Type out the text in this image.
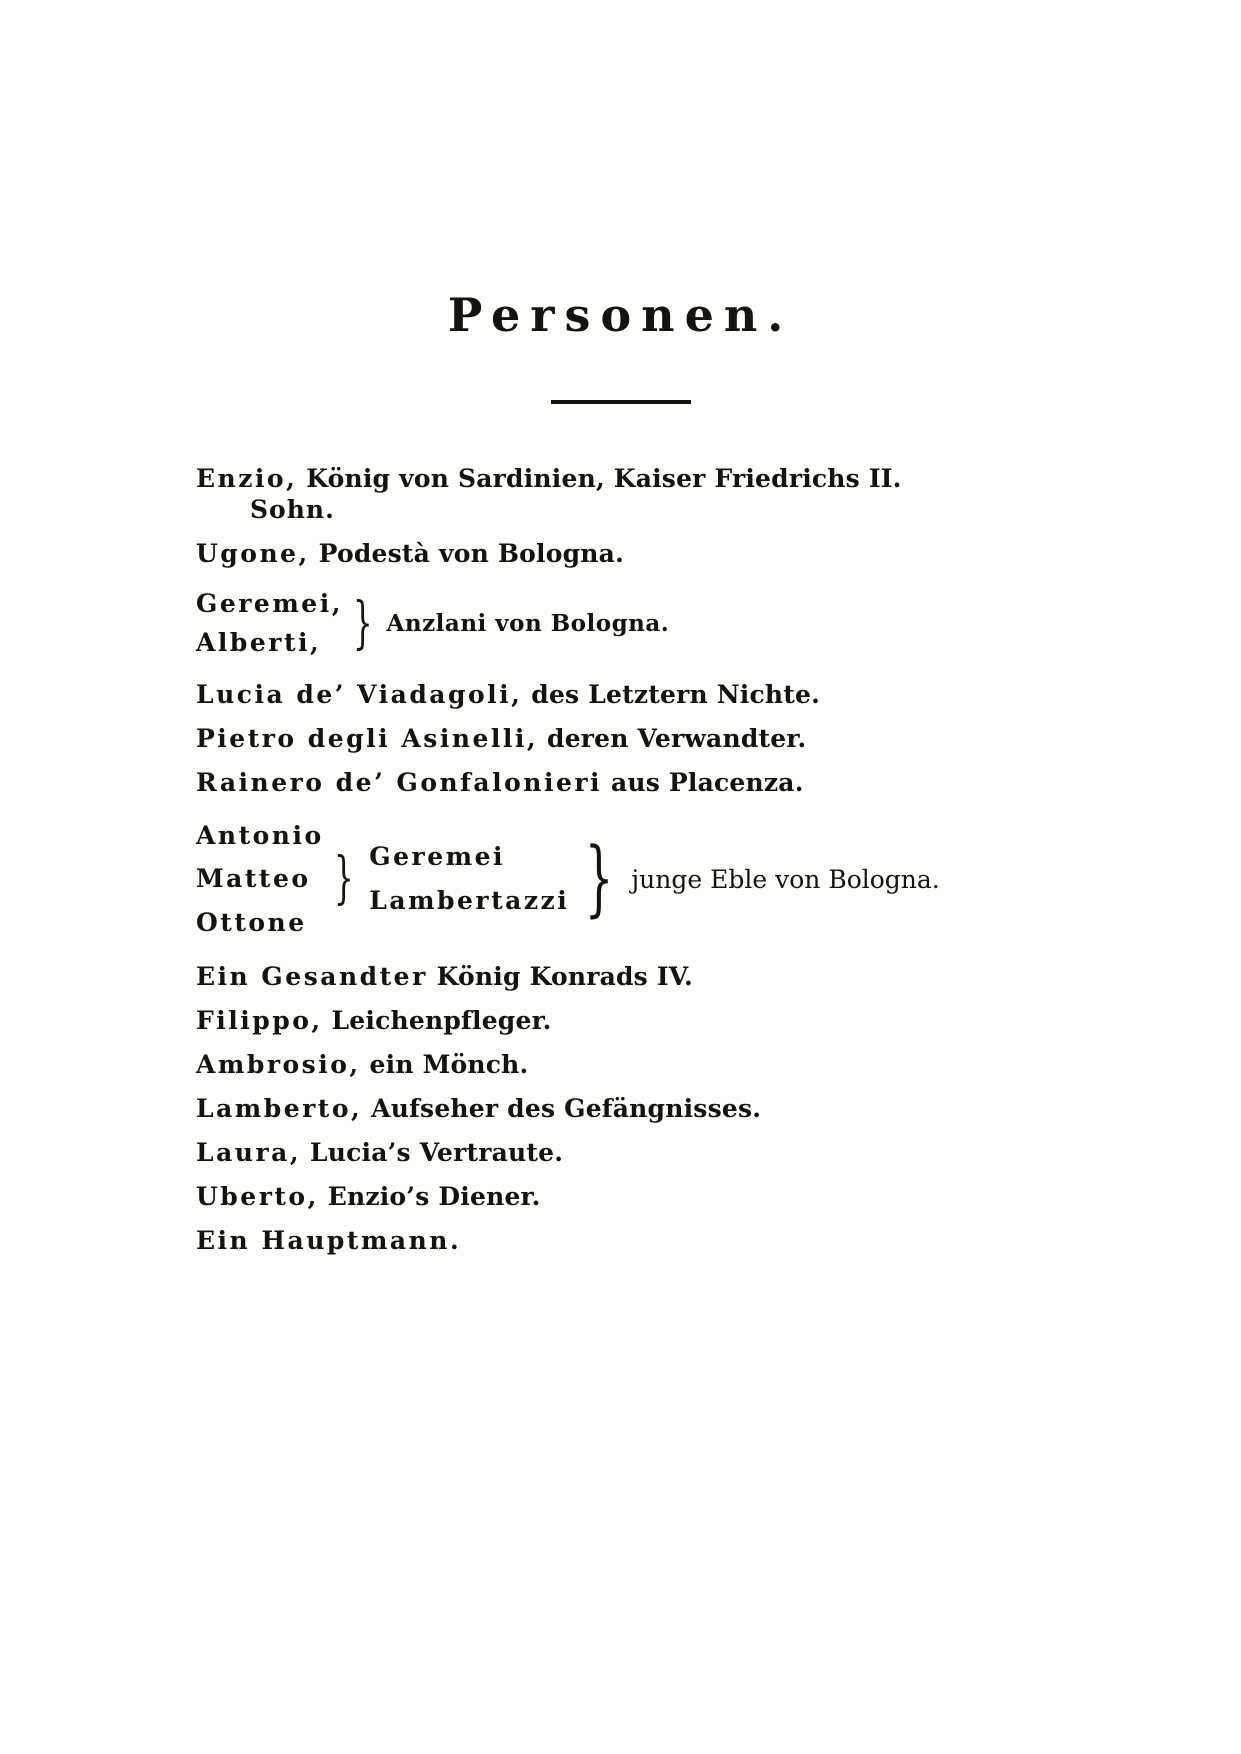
Personen.
Enzio, König von Sardinien, Kaiser Friedrichs II.
Sohn.
Ugone, Podestà von Bologna.
Geremei,
Alberti, } Anzlani von Bologna.
Lucia de’ Viadagoli, des Letztern Nichte.
Pietro degli Asinelli, deren Verwandter.
Rainero de’ Gonfalonieri aus Placenza.
Antonio
Matteo
Ottone
} Geremei
Lambertazzi } junge Eble von Bologna.
Ein Gesandter König Konrads IV.
Filippo, Leichenpfleger.
Ambrosio, ein Mönch.
Lamberto, Aufseher des Gefängnisses.
Laura, Lucia’s Vertraute.
Uberto, Enzio’s Diener.
Ein Hauptmann.
